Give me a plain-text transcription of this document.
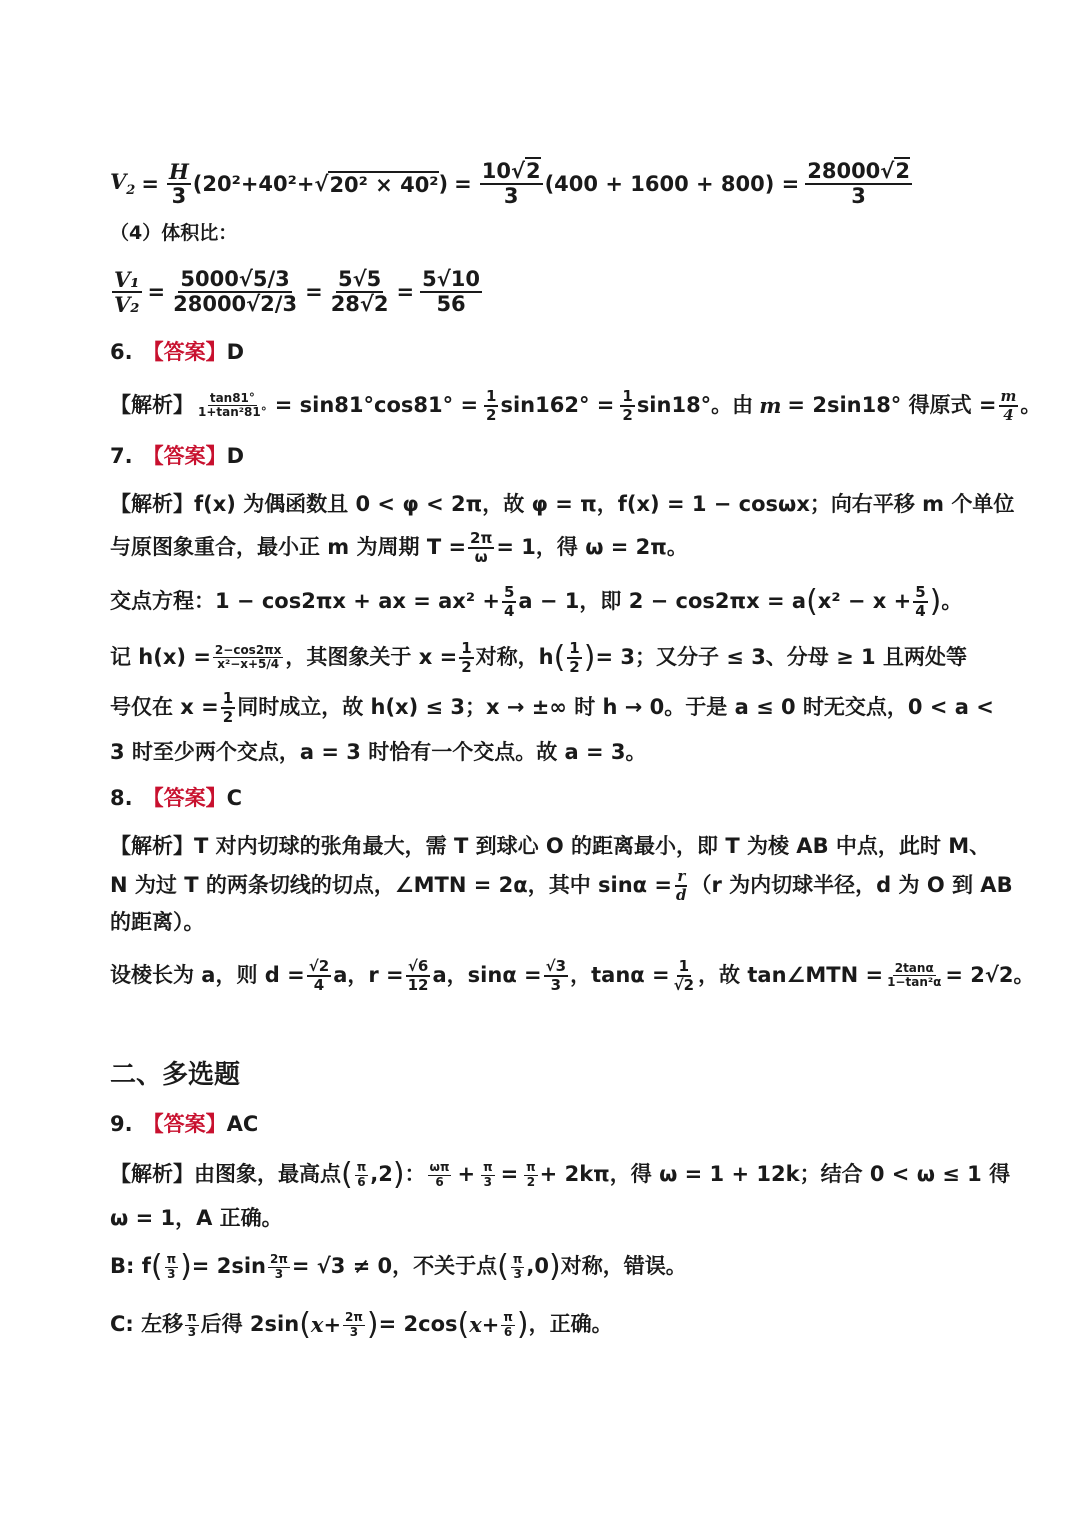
$V_2 = \frac{H}{3} (20^2+40^2+√$ 20² × 40² ) = $\frac{10√2}{3} (400 + 1600 + 800) = \frac{28000√2}{3}$
（4）体积比：
$\frac{\text{V₁}}{\text{V₂}} = \frac{5000√5/3}{28000√2/3} = \frac{5√5}{28√2} = \frac{5√10}{56}$
6. 【答案】 D
【解析】 $\frac{\tan 81^\circ}{\text{1+tan²81°}} = \sin 81^\circ\cos 81^\circ = \frac{1}{2} \sin 162^\circ = \frac{1}{2} \sin 18^\circ$。由 m = 2sin18° 得原式 = $\frac{m}{4}$ 。
7. 【答案】 D
【解析】f(x) 为偶函数且 0 < φ < 2π，故 φ = π，f(x) = 1 − cosωx；向右平移 m 个单位
与原图象重合，最小正 m 为周期 $T = \frac{2\pi}{\omega} = 1$，得 ω = 2π。
交点方程：1 − cos2πx + ax = $ax^2 + \frac{5}{4}$ a − 1，即 2 − cos2πx = a ( $x^2 - x + \frac{5}{4}$ ) 。
记 $h(x) = \frac{2-\cos 2\pi x}{\text{x²−x+5/4}}$ ，其图象关于 $x = \frac{1}{2}$ 对称，h ( $\frac{1}{2}$ ) = 3；又分子 ≤ 3、分母 ≥ 1 且两处等
号仅在 $x = \frac{1}{2}$ 同时成立，故 h(x) ≤ 3；x → ±∞ 时 h → 0。于是 a ≤ 0 时无交点，0 < a <
3 时至少两个交点，a = 3 时恰有一个交点。故 a = 3。
8. 【答案】 C
【解析】T 对内切球的张角最大，需 T 到球心 O 的距离最小，即 T 为棱 AB 中点，此时 M、
N 为过 T 的两条切线的切点，∠MTN = 2α，其中 $\sin\alpha = \frac{r}{d} (r$ 为内切球半径，d 为 O 到 AB
的距离）。
设棱长为 a，则 $d = \frac{√2}{4}$ a，$r = \frac{√6}{12}$ a，$\sin\alpha = \frac{√3}{3}$ ，$\tan\alpha = \frac{1}{√2}$ ，故 tan∠MTN = $\frac{2\tan\alpha}{\text{1−tan²α}} = 2√2$。
二、多选题
9. 【答案】 AC
【解析】由图象，最高点 ( $\frac{\pi}{6} ,2$ ) ： $\frac{\omega\pi}{6} + \frac{\pi}{3} = \frac{\pi}{2} + 2k\pi$，得 ω = 1 + 12k；结合 0 < ω ≤ 1 得
ω = 1，A 正确。
B: f ( $\frac{\pi}{3}$ ) = $2\sin \frac{2\pi}{3} = √3 \ne 0$，不关于点 ( $\frac{\pi}{3} ,0$ ) 对称，错误。
C: 左移 $\frac{\pi}{3}$ 后得 2sin ( $x+ \frac{2\pi}{3}$ ) = 2cos ( $x+ \frac{\pi}{6}$ ) ，正确。
